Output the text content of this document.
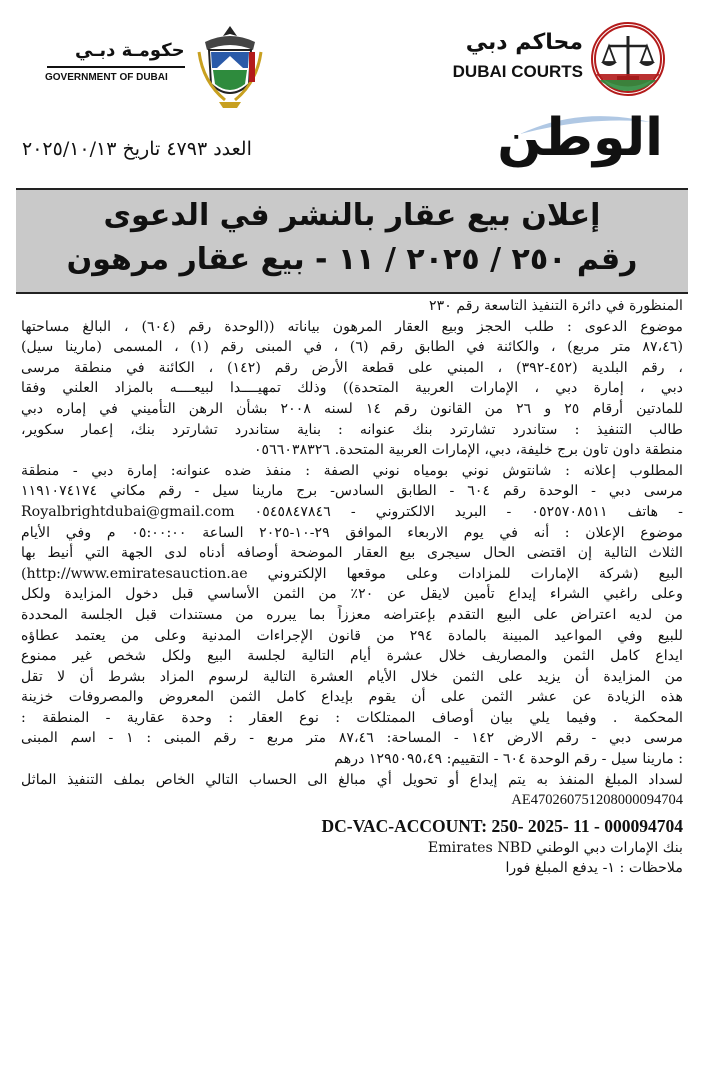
محاكم دبي
DUBAI COURTS
حكومـة دبـي
GOVERNMENT OF DUBAI
الوطن
العدد ٤٧٩٣ تاريخ ٢٠٢٥/١٠/١٣
إعلان بيع عقار بالنشر في الدعوى
رقم ٢٥٠ / ٢٠٢٥ / ١١ - بيع عقار مرهون
المنظورة في دائرة التنفيذ التاسعة رقم ٢٣٠
موضوع الدعوى : طلب الحجز وبيع العقار المرهون بياناته ((الوحدة رقم (٦٠٤) ، البالغ مساحتها
(٨٧،٤٦ متر مربع) ، والكائنة في الطابق رقم (٦) ، في المبنى رقم (١) ، المسمى (مارينا سيل)
، رقم البلدية (٤٥٢-٣٩٢) ، المبني على قطعة الأرض رقم (١٤٢) ، الكائنة في منطقة مرسى
دبي ، إمارة دبي ، الإمارات العربية المتحدة)) وذلك تمهيــــدا لبيعــــه بالمزاد العلني وفقا
للمادتين أرقام ٢٥ و ٢٦ من القانون رقم ١٤ لسنه ٢٠٠٨ بشأن الرهن التأميني في إماره دبي
طالب التنفيذ : ستاندرد تشارترد بنك عنوانه : بناية ستاندرد تشارترد بنك، إعمار سكوير،
منطقة داون تاون برج خليفة، دبي، الإمارات العربية المتحدة. ٠٥٦٦٠٣٨٣٢٦
المطلوب إعلانه : شانتوش نوني بومياه نوني الصفة : منفذ ضده عنوانه: إمارة دبي - منطقة
مرسى دبي - الوحدة رقم ٦٠٤ - الطابق السادس- برج مارينا سيل - رقم مكاني ١١٩١٠٧٤١٧٤
- هاتف ٠٥٢٥٧٠٨٥١١ - البريد الالكتروني - ٠٥٤٥٨٤٧٨٤٦ Royalbrightdubai@gmail.com
موضوع الإعلان : أنه في يوم الاربعاء الموافق ٢٩-١٠-٢٠٢٥ الساعة ٠٥:٠٠:٠٠ م وفي الأيام
الثلاث التالية إن اقتضى الحال سيجرى بيع العقار الموضحة أوصافه أدناه لدى الجهة التي أنيط بها
البيع (شركة الإمارات للمزادات وعلى موقعها الإلكتروني http://www.emiratesauction.ae)
وعلى راغبي الشراء إيداع تأمين لايقل عن ٢٠٪ من الثمن الأساسي قبل دخول المزايدة ولكل
من لديه اعتراض على البيع التقدم بإعتراضه معززاً بما يبرره من مستندات قبل الجلسة المحددة
للبيع وفي المواعيد المبينة بالمادة ٢٩٤ من قانون الإجراءات المدنية وعلى من يعتمد عطاؤه
ايداع كامل الثمن والمصاريف خلال عشرة أيام التالية لجلسة البيع ولكل شخص غير ممنوع
من المزايدة أن يزيد على الثمن خلال الأيام العشرة التالية لرسوم المزاد بشرط أن لا تقل
هذه الزيادة عن عشر الثمن على أن يقوم بإيداع كامل الثمن المعروض والمصروفات خزينة
المحكمة . وفيما يلي بيان أوصاف الممتلكات : نوع العقار : وحدة عقارية - المنطقة :
مرسى دبي - رقم الارض ١٤٢ - المساحة: ٨٧،٤٦ متر مربع - رقم المبنى : ١ - اسم المبنى
: مارينا سيل - رقم الوحدة ٦٠٤ - التقييم: ١٢٩٥٠٩٥،٤٩ درهم
لسداد المبلغ المنفذ به يتم إيداع أو تحويل أي مبالغ الى الحساب التالي الخاص بملف التنفيذ الماثل
AE470260751208000094704
DC-VAC-ACCOUNT: 250- 2025- 11 - 000094704
بنك الإمارات دبي الوطني Emirates NBD
ملاحظات : ١- يدفع المبلغ فورا
